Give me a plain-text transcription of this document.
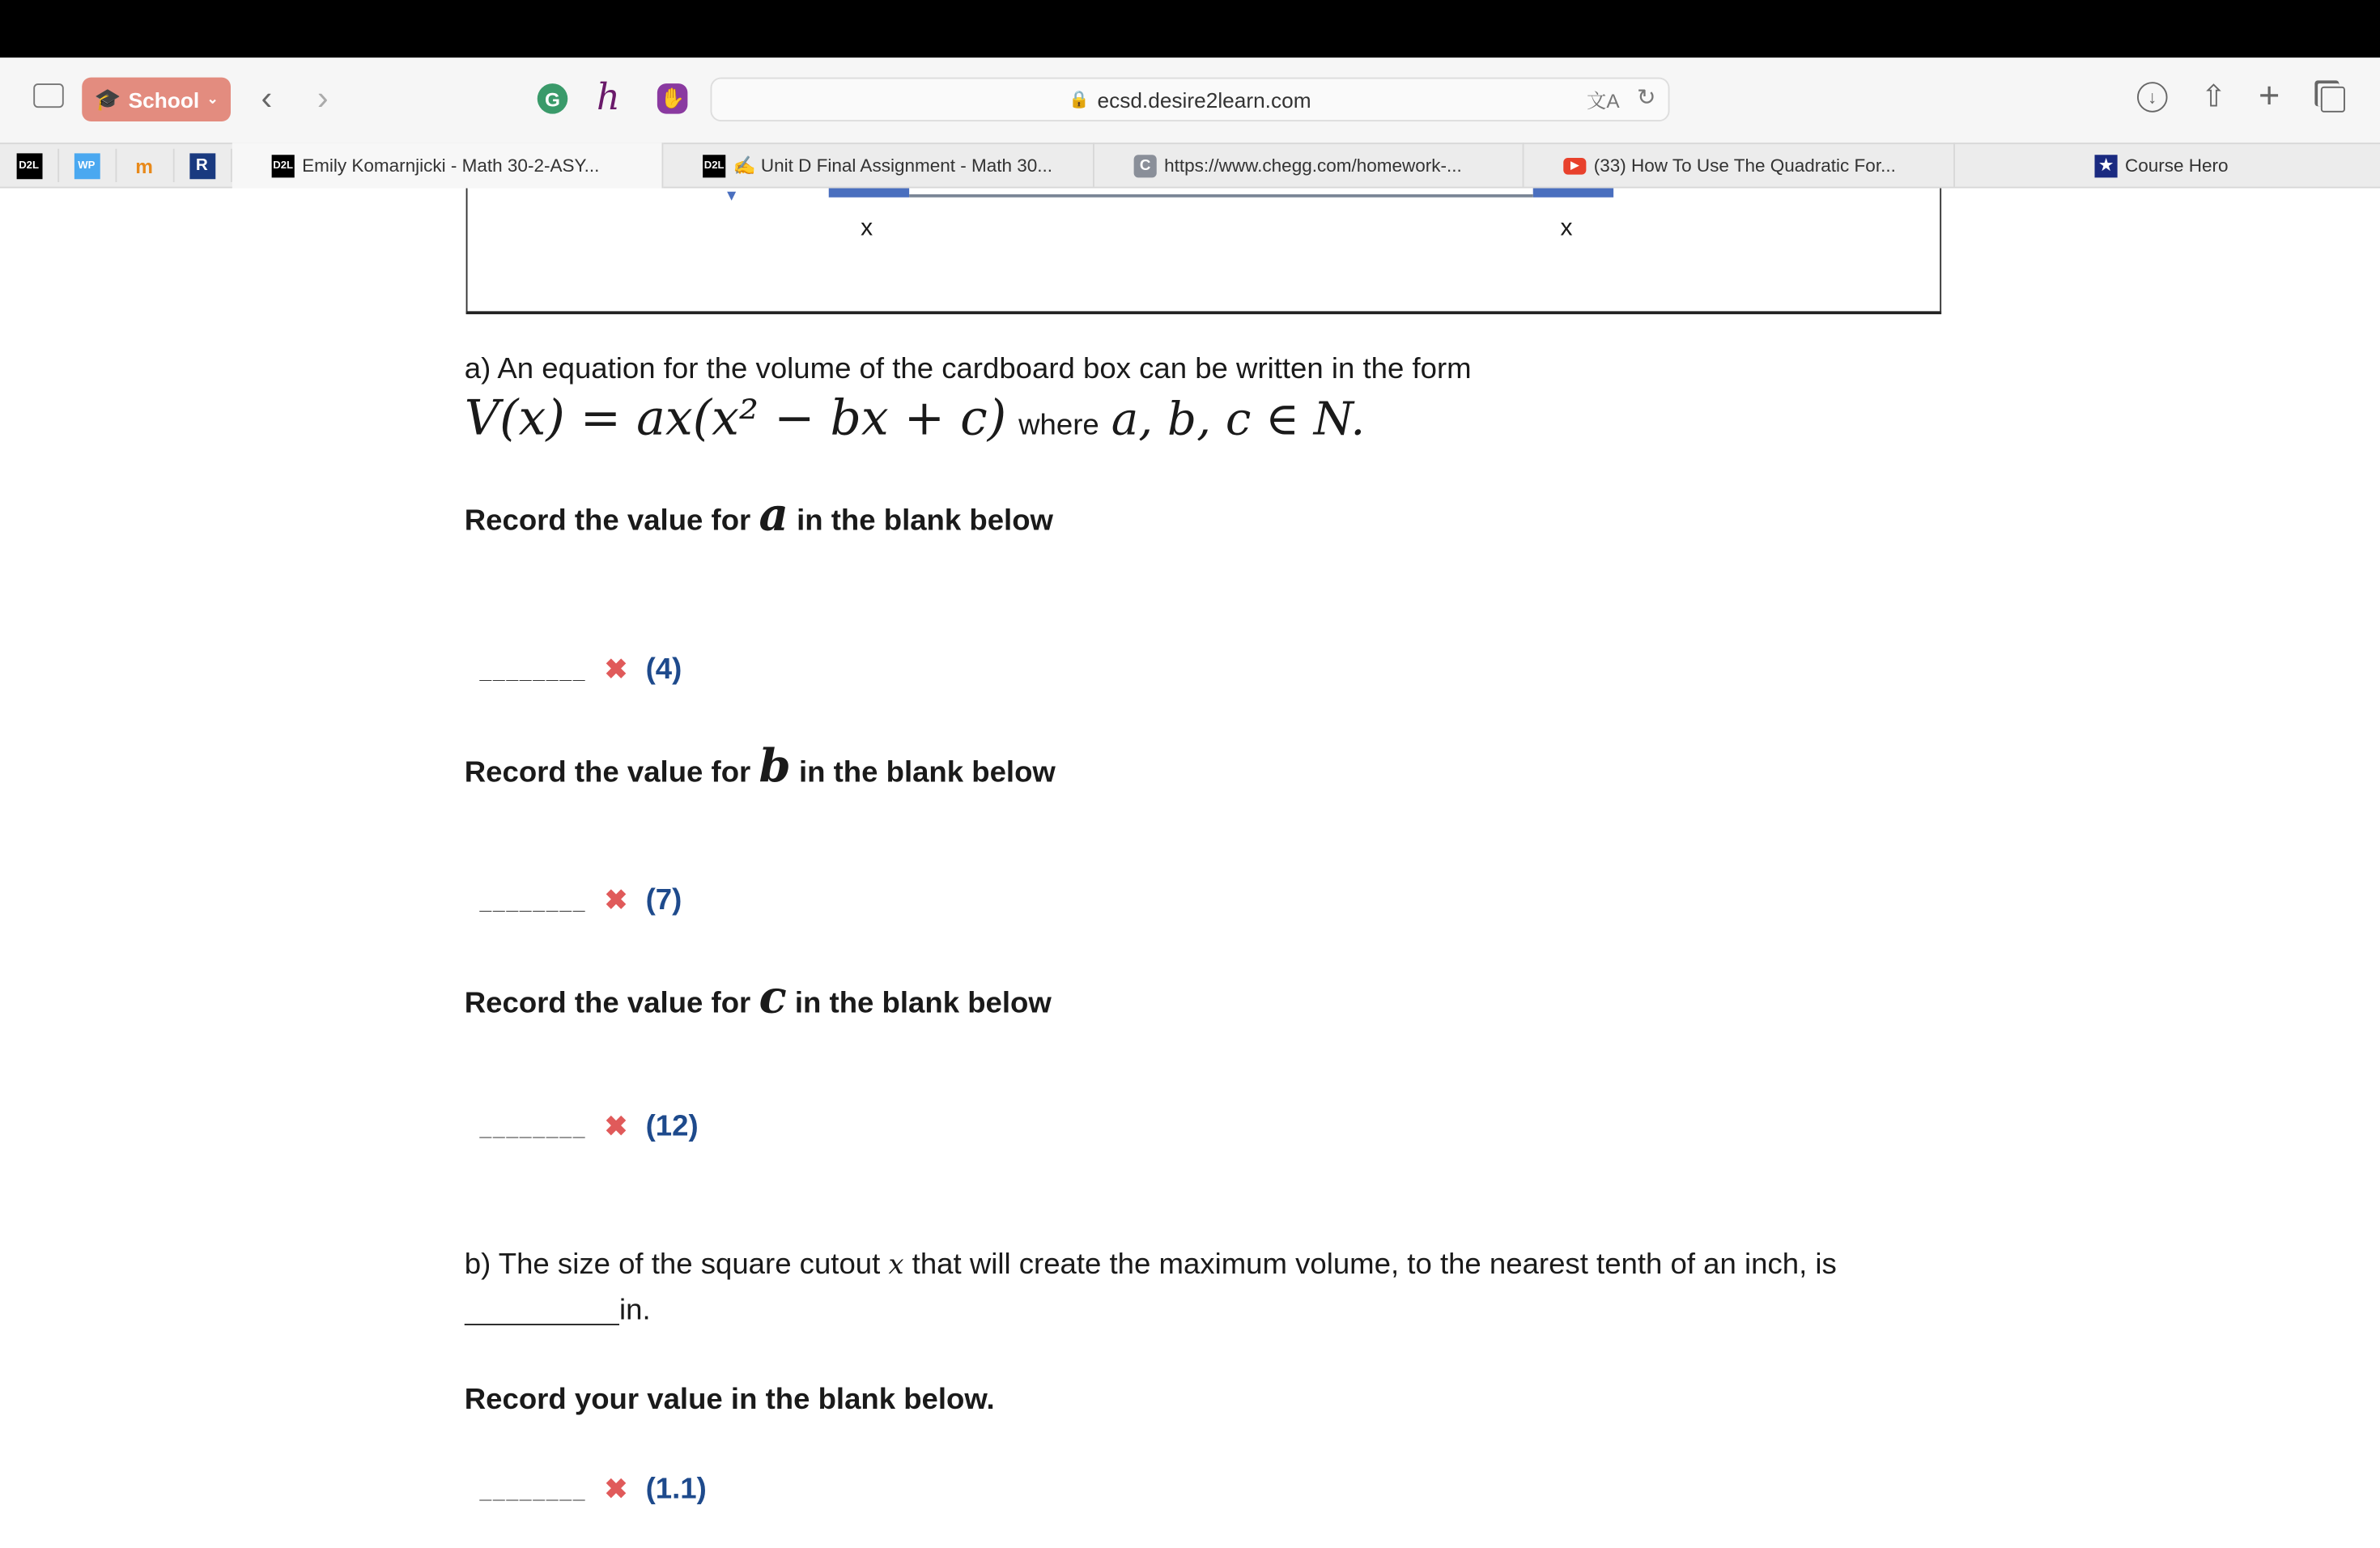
🎓 School ⌄ ‹	›	G	h	✋	🔒 ecsd.desire2learn.com	文A ↻	↓	⇧ +
D2L	WP	m	R	D2L Emily Komarnjicki - Math 30-2-ASY...	D2L ✍ Unit D Final Assignment - Math 30...	C	https://www.chegg.com/homework-...	▶	(33) How To Use The Quadratic For...	★	Course Hero
▼
x	x
a) An equation for the volume of the cardboard box can be written in the form
V(x) = ax(x² − bx + c) where a, b, c ∈ N.
Record the value for a in the blank below
________ ✖ (4)
Record the value for b in the blank below
________ ✖ (7)
Record the value for c in the blank below
________ ✖ (12)
b) The size of the square cutout x that will create the maximum volume, to the nearest tenth of an inch, is
in.
Record your value in the blank below.
________ ✖ (1.1)
